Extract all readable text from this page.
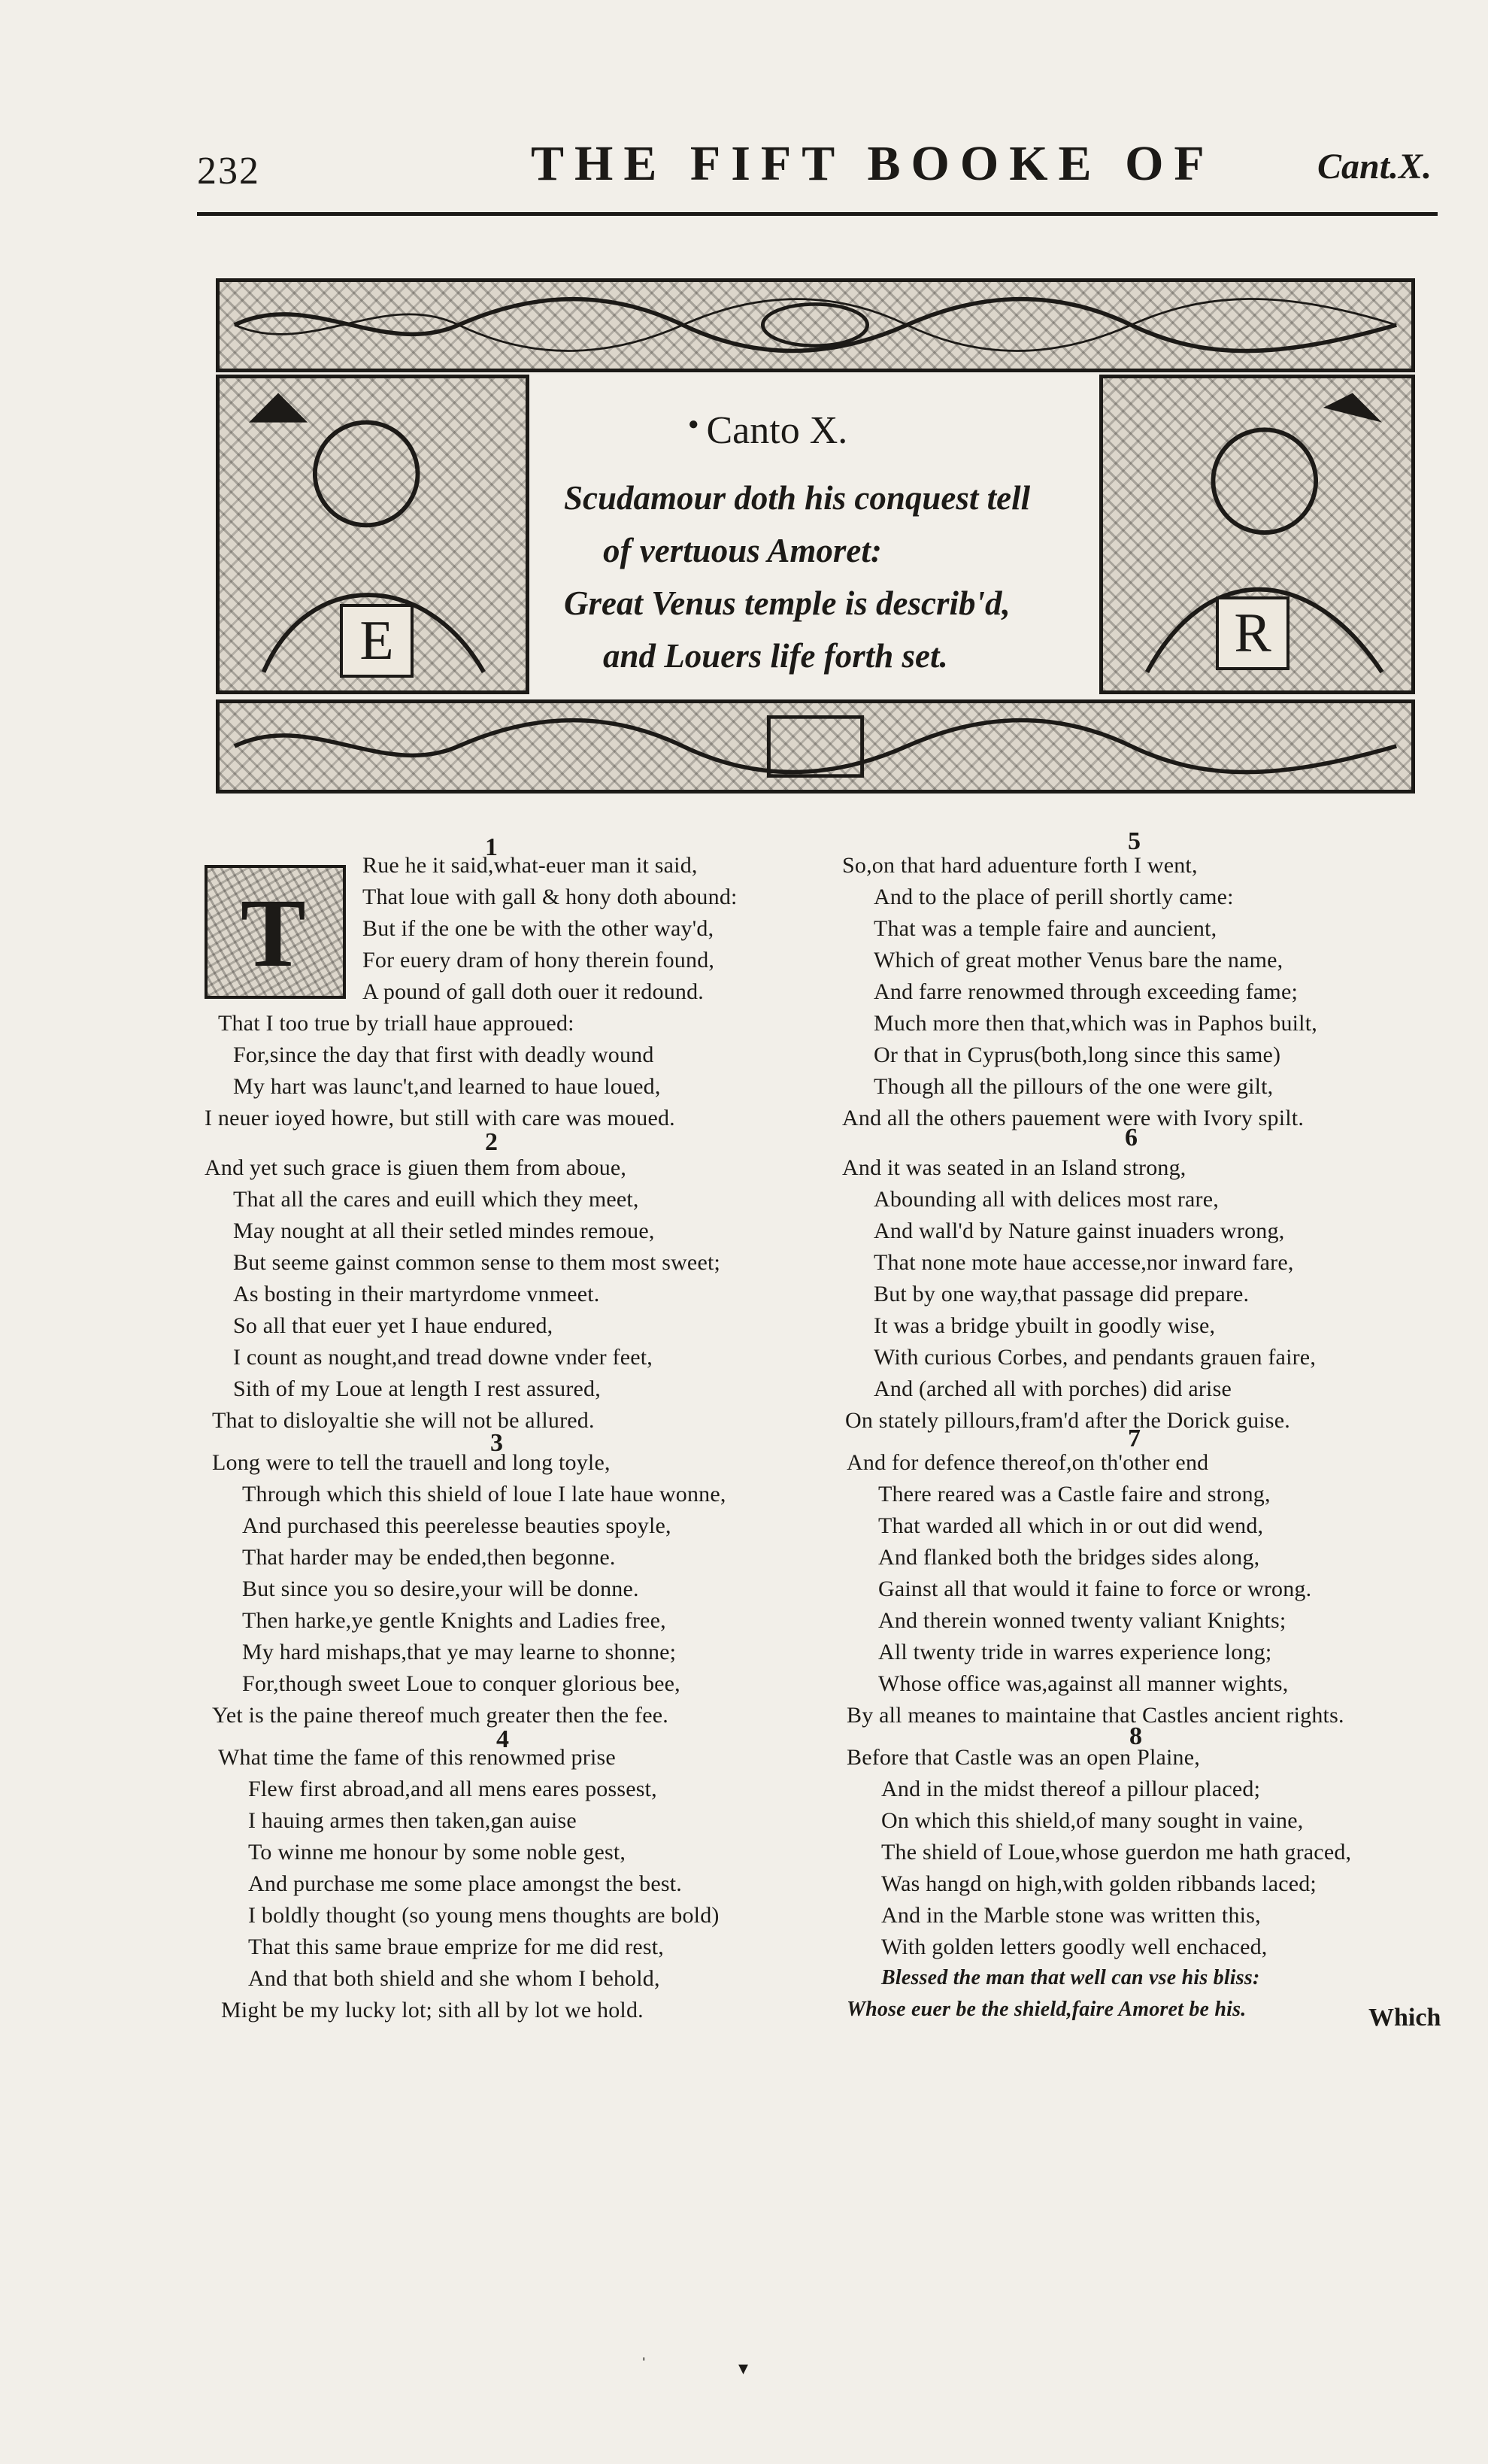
232	THE FIFT BOOKE OF	Cant.X.
E
● Canto X.
Scudamour doth his conquest tell
of vertuous Amoret:
Great Venus temple is describ'd,
and Louers life forth set.	R
T
1
Rue he it said,what-euer man it said,
That loue with gall & hony doth abound:
But if the one be with the other way'd,
For euery dram of hony therein found,
A pound of gall doth ouer it redound.
That I too true by triall haue approued:
For,since the day that first with deadly wound
My hart was launc't,and learned to haue loued,
I neuer ioyed howre, but still with care was moued.
2
And yet such grace is giuen them from aboue,
That all the cares and euill which they meet,
May nought at all their setled mindes remoue,
But seeme gainst common sense to them most sweet;
As bosting in their martyrdome vnmeet.
So all that euer yet I haue endured,
I count as nought,and tread downe vnder feet,
Sith of my Loue at length I rest assured,
That to disloyaltie she will not be allured.
3
Long were to tell the trauell and long toyle,
Through which this shield of loue I late haue wonne,
And purchased this peerelesse beauties spoyle,
That harder may be ended,then begonne.
But since you so desire,your will be donne.
Then harke,ye gentle Knights and Ladies free,
My hard mishaps,that ye may learne to shonne;
For,though sweet Loue to conquer glorious bee,
Yet is the paine thereof much greater then the fee.
4
What time the fame of this renowmed prise
Flew first abroad,and all mens eares possest,
I hauing armes then taken,gan auise
To winne me honour by some noble gest,
And purchase me some place amongst the best.
I boldly thought (so young mens thoughts are bold)
That this same braue emprize for me did rest,
And that both shield and she whom I behold,
Might be my lucky lot; sith all by lot we hold.
5
So,on that hard aduenture forth I went,
And to the place of perill shortly came:
That was a temple faire and auncient,
Which of great mother Venus bare the name,
And farre renowmed through exceeding fame;
Much more then that,which was in Paphos built,
Or that in Cyprus(both,long since this same)
Though all the pillours of the one were gilt,
And all the others pauement were with Ivory spilt.
6
And it was seated in an Island strong,
Abounding all with delices most rare,
And wall'd by Nature gainst inuaders wrong,
That none mote haue accesse,nor inward fare,
But by one way,that passage did prepare.
It was a bridge ybuilt in goodly wise,
With curious Corbes, and pendants grauen faire,
And (arched all with porches) did arise
On stately pillours,fram'd after the Dorick guise.
7
And for defence thereof,on th'other end
There reared was a Castle faire and strong,
That warded all which in or out did wend,
And flanked both the bridges sides along,
Gainst all that would it faine to force or wrong.
And therein wonned twenty valiant Knights;
All twenty tride in warres experience long;
Whose office was,against all manner wights,
By all meanes to maintaine that Castles ancient rights.
8
Before that Castle was an open Plaine,
And in the midst thereof a pillour placed;
On which this shield,of many sought in vaine,
The shield of Loue,whose guerdon me hath graced,
Was hangd on high,with golden ribbands laced;
And in the Marble stone was written this,
With golden letters goodly well enchaced,
Blessed the man that well can vse his bliss:
Whose euer be the shield,faire Amoret be his.	Which
▾
ˈ
